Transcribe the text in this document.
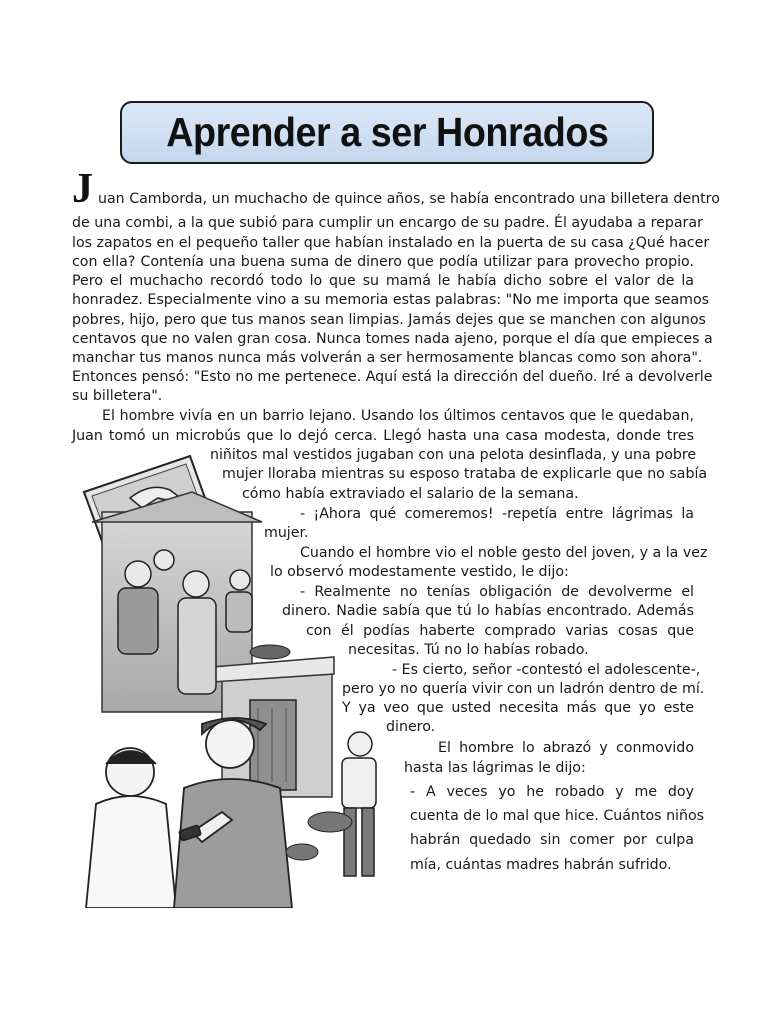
Aprender a ser Honrados
J uan Camborda, un muchacho de quince años, se había encontrado una billetera dentro

de una combi, a la que subió para cumplir un encargo de su padre. Él ayudaba a reparar

los zapatos en el pequeño taller que habían instalado en la puerta de su casa ¿Qué hacer

con ella? Contenía una buena suma de dinero que podía utilizar para provecho propio.

Pero el muchacho recordó todo lo que su mamá le había dicho sobre el valor de la

honradez. Especialmente vino a su memoria estas palabras: "No me importa que seamos

pobres, hijo, pero que tus manos sean limpias. Jamás dejes que se manchen con algunos

centavos que no valen gran cosa. Nunca tomes nada ajeno, porque el día que empieces a

manchar tus manos nunca más volverán a ser hermosamente blancas como son ahora".

Entonces pensó: "Esto no me pertenece. Aquí está la dirección del dueño. Iré a devolverle

su billetera".

El hombre vivía en un barrio lejano. Usando los últimos centavos que le quedaban,

Juan tomó un microbús que lo dejó cerca. Llegó hasta una casa modesta, donde tres

niñitos mal vestidos jugaban con una pelota desinflada, y una pobre

mujer lloraba mientras su esposo trataba de explicarle que no sabía

cómo había extraviado el salario de la semana.

- ¡Ahora qué comeremos! -repetía entre lágrimas la

mujer.

Cuando el hombre vio el noble gesto del joven, y a la vez

lo observó modestamente vestido, le dijo:

- Realmente no tenías obligación de devolverme el

dinero. Nadie sabía que tú lo habías encontrado. Además

con él podías haberte comprado varias cosas que

necesitas. Tú no lo habías robado.

- Es cierto, señor -contestó el adolescente-,

pero yo no quería vivir con un ladrón dentro de mí.

Y ya veo que usted necesita más que yo este

dinero.

El hombre lo abrazó y conmovido

hasta las lágrimas le dijo:

- A veces yo he robado y me doy

cuenta de lo mal que hice. Cuántos niños

habrán quedado sin comer por culpa

mía, cuántas madres habrán sufrido.
